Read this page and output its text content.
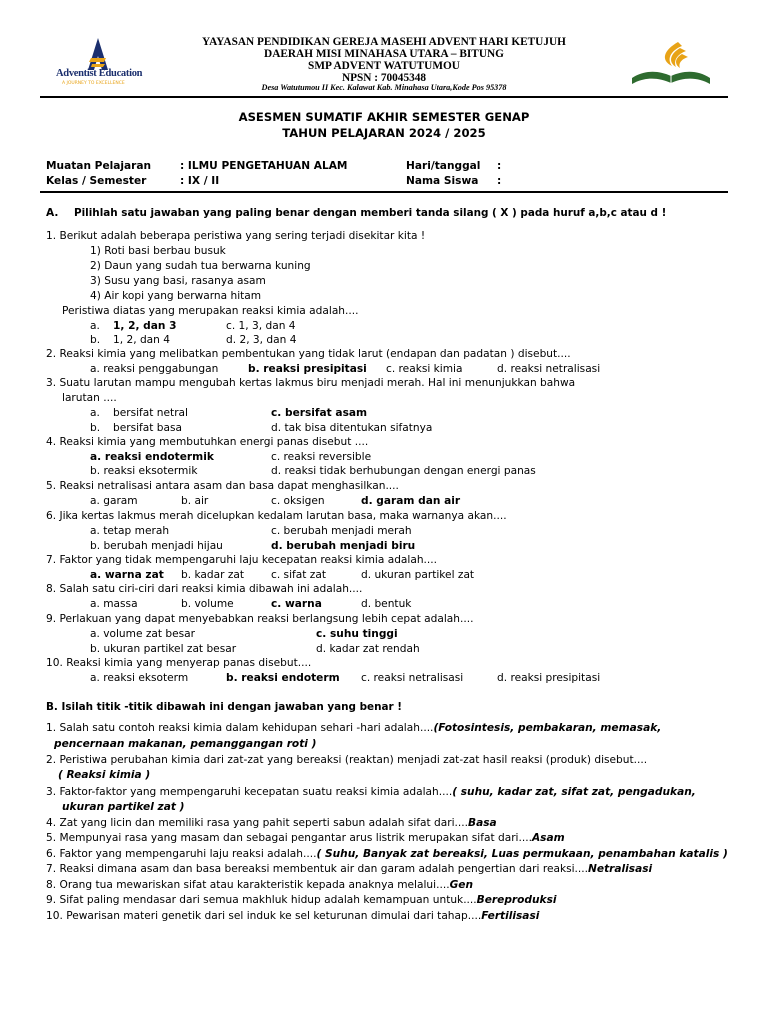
Adventist Education
A JOURNEY TO EXCELLENCE
YAYASAN PENDIDIKAN GEREJA MASEHI ADVENT HARI KETUJUH
DAERAH MISI MINAHASA UTARA – BITUNG
SMP ADVENT WATUTUMOU
NPSN : 70045348
Desa Watutumou II Kec. Kalawat Kab. Minahasa Utara,Kode Pos 95378
ASESMEN SUMATIF AKHIR SEMESTER GENAP
TAHUN PELAJARAN 2024 / 2025
Muatan Pelajaran	: ILMU PENGETAHUAN ALAM	Hari/tanggal :
Kelas / Semester	: IX / II	Nama Siswa :
A. Pilihlah satu jawaban yang paling benar dengan memberi tanda silang ( X ) pada huruf a,b,c atau d !
1. Berikut adalah beberapa peristiwa yang sering terjadi disekitar kita !
1) Roti basi berbau busuk
2) Daun yang sudah tua berwarna kuning
3) Susu yang basi, rasanya asam
4) Air kopi yang berwarna hitam
Peristiwa diatas yang merupakan reaksi kimia adalah....
a. 1, 2, dan 3	c. 1, 3, dan 4
b. 1, 2, dan 4	d. 2, 3, dan 4
2. Reaksi kimia yang melibatkan pembentukan yang tidak larut (endapan dan padatan ) disebut....
a. reaksi penggabungan	b. reaksi presipitasi c. reaksi kimia	d. reaksi netralisasi
3. Suatu larutan mampu mengubah kertas lakmus biru menjadi merah. Hal ini menunjukkan bahwa
larutan ....
a. bersifat netral	c. bersifat asam
b. bersifat basa	d. tak bisa ditentukan sifatnya
4. Reaksi kimia yang membutuhkan energi panas disebut ....
a. reaksi endotermik	c. reaksi reversible
b. reaksi eksotermik	d. reaksi tidak berhubungan dengan energi panas
5. Reaksi netralisasi antara asam dan basa dapat menghasilkan....
a. garam	b. air	c. oksigen	d. garam dan air
6. Jika kertas lakmus merah dicelupkan kedalam larutan basa, maka warnanya akan....
a. tetap merah	c. berubah menjadi merah
b. berubah menjadi hijau	d. berubah menjadi biru
7. Faktor yang tidak mempengaruhi laju kecepatan reaksi kimia adalah....
a. warna zat b. kadar zat	c. sifat zat	d. ukuran partikel zat
8. Salah satu ciri-ciri dari reaksi kimia dibawah ini adalah....
a. massa	b. volume	c. warna	d. bentuk
9. Perlakuan yang dapat menyebabkan reaksi berlangsung lebih cepat adalah....
a. volume zat besar	c. suhu tinggi
b. ukuran partikel zat besar	d. kadar zat rendah
10. Reaksi kimia yang menyerap panas disebut....
a. reaksi eksoterm	b. reaksi endoterm c. reaksi netralisasi	d. reaksi presipitasi
B. Isilah titik -titik dibawah ini dengan jawaban yang benar !
1. Salah satu contoh reaksi kimia dalam kehidupan sehari -hari adalah....(Fotosintesis, pembakaran, memasak,
pencernaan makanan, pemanggangan roti )
2. Peristiwa perubahan kimia dari zat-zat yang bereaksi (reaktan) menjadi zat-zat hasil reaksi (produk) disebut....
( Reaksi kimia )
3. Faktor-faktor yang mempengaruhi kecepatan suatu reaksi kimia adalah....( suhu, kadar zat, sifat zat, pengadukan,
ukuran partikel zat )
4. Zat yang licin dan memiliki rasa yang pahit seperti sabun adalah sifat dari....Basa
5. Mempunyai rasa yang masam dan sebagai pengantar arus listrik merupakan sifat dari....Asam
6. Faktor yang mempengaruhi laju reaksi adalah....( Suhu, Banyak zat bereaksi, Luas permukaan, penambahan katalis )
7. Reaksi dimana asam dan basa bereaksi membentuk air dan garam adalah pengertian dari reaksi....Netralisasi
8. Orang tua mewariskan sifat atau karakteristik kepada anaknya melalui....Gen
9. Sifat paling mendasar dari semua makhluk hidup adalah kemampuan untuk....Bereproduksi
10. Pewarisan materi genetik dari sel induk ke sel keturunan dimulai dari tahap....Fertilisasi
